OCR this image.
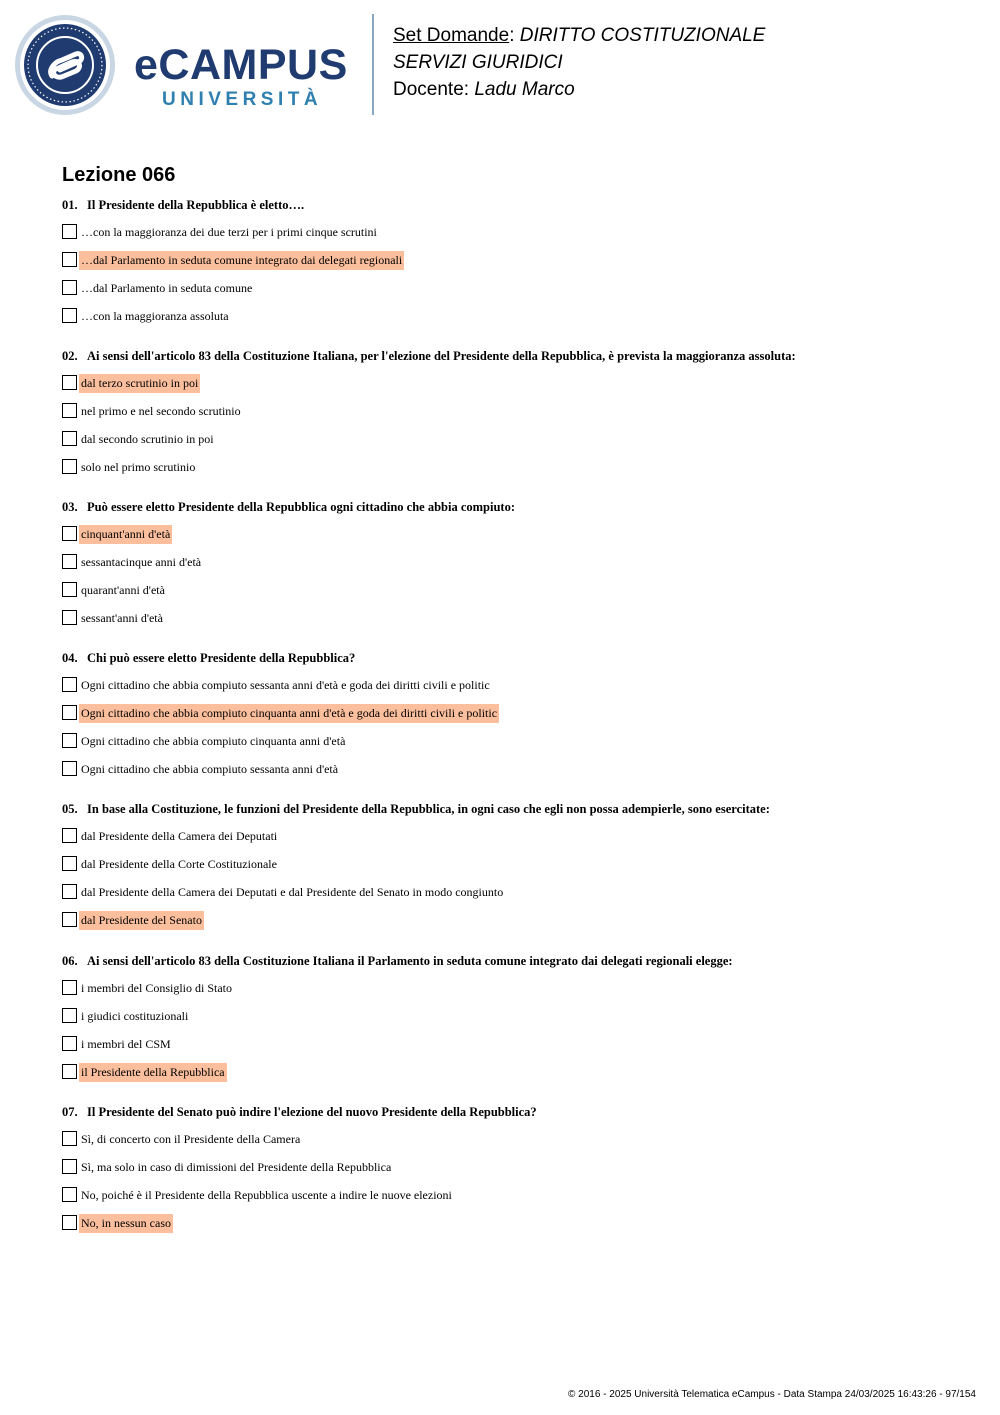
eCAMPUS
UNIVERSITÀ
Set Domande: DIRITTO COSTITUZIONALE
SERVIZI GIURIDICI
Docente: Ladu Marco
Lezione 066
01. Il Presidente della Repubblica è eletto….
…con la maggioranza dei due terzi per i primi cinque scrutini
…dal Parlamento in seduta comune integrato dai delegati regionali
…dal Parlamento in seduta comune
…con la maggioranza assoluta
02. Ai sensi dell'articolo 83 della Costituzione Italiana, per l'elezione del Presidente della Repubblica, è prevista la maggioranza assoluta:
dal terzo scrutinio in poi
nel primo e nel secondo scrutinio
dal secondo scrutinio in poi
solo nel primo scrutinio
03. Può essere eletto Presidente della Repubblica ogni cittadino che abbia compiuto:
cinquant'anni d'età
sessantacinque anni d'età
quarant'anni d'età
sessant'anni d'età
04. Chi può essere eletto Presidente della Repubblica?
Ogni cittadino che abbia compiuto sessanta anni d'età e goda dei diritti civili e politic
Ogni cittadino che abbia compiuto cinquanta anni d'età e goda dei diritti civili e politic
Ogni cittadino che abbia compiuto cinquanta anni d'età
Ogni cittadino che abbia compiuto sessanta anni d'età
05. In base alla Costituzione, le funzioni del Presidente della Repubblica, in ogni caso che egli non possa adempierle, sono esercitate:
dal Presidente della Camera dei Deputati
dal Presidente della Corte Costituzionale
dal Presidente della Camera dei Deputati e dal Presidente del Senato in modo congiunto
dal Presidente del Senato
06. Ai sensi dell'articolo 83 della Costituzione Italiana il Parlamento in seduta comune integrato dai delegati regionali elegge:
i membri del Consiglio di Stato
i giudici costituzionali
i membri del CSM
il Presidente della Repubblica
07. Il Presidente del Senato può indire l'elezione del nuovo Presidente della Repubblica?
Sì, di concerto con il Presidente della Camera
Sì, ma solo in caso di dimissioni del Presidente della Repubblica
No, poiché è il Presidente della Repubblica uscente a indire le nuove elezioni
No, in nessun caso
© 2016 - 2025 Università Telematica eCampus - Data Stampa 24/03/2025 16:43:26 - 97/154
